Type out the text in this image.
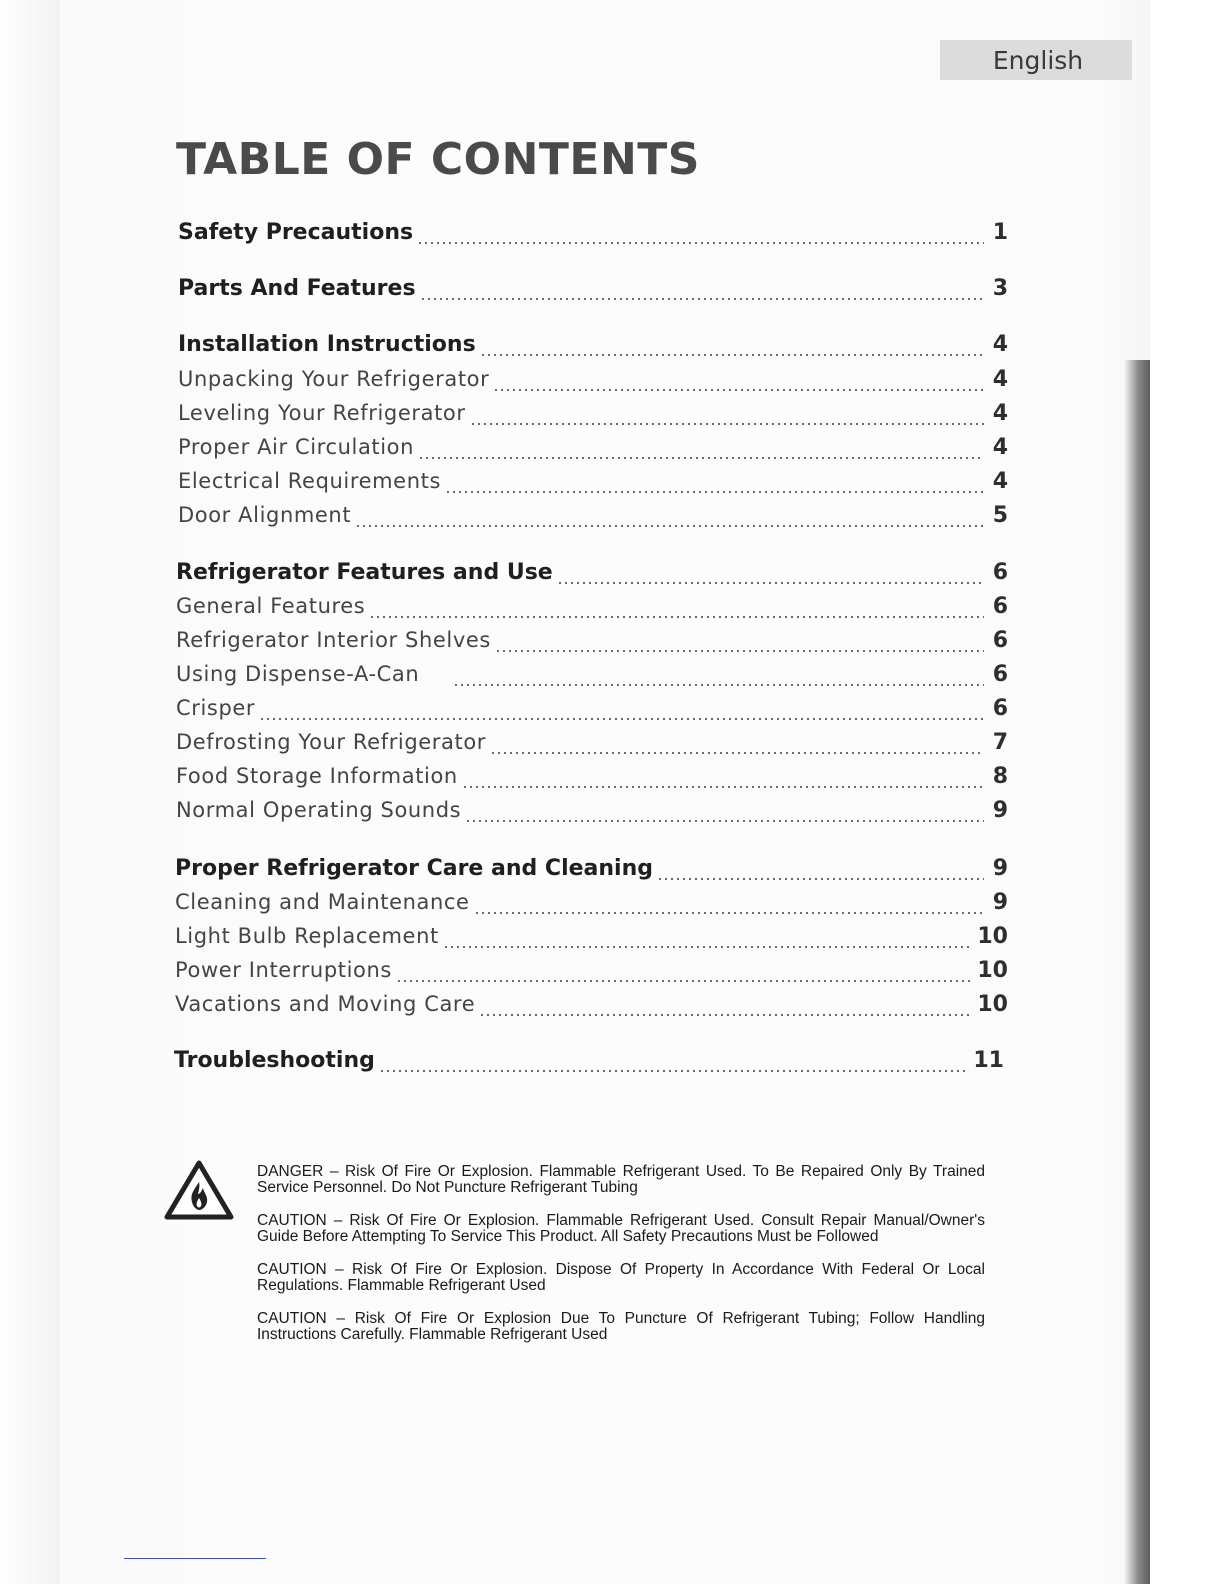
English
TABLE OF CONTENTS
Safety Precautions	1
Parts And Features	3
Installation Instructions	4
Unpacking Your Refrigerator	4
Leveling Your Refrigerator	4
Proper Air Circulation	4
Electrical Requirements	4
Door Alignment	5
Refrigerator Features and Use	6
General Features	6
Refrigerator Interior Shelves	6
Using Dispense-A-Can	6
Crisper	6
Defrosting Your Refrigerator	7
Food Storage Information	8
Normal Operating Sounds	9
Proper Refrigerator Care and Cleaning	9
Cleaning and Maintenance	9
Light Bulb Replacement	10
Power Interruptions	10
Vacations and Moving Care	10
Troubleshooting	11

DANGER – Risk Of Fire Or Explosion. Flammable Refrigerant Used. To Be Repaired Only By Trained Service Personnel. Do Not Puncture Refrigerant Tubing

CAUTION – Risk Of Fire Or Explosion. Flammable Refrigerant Used. Consult Repair Manual/Owner's Guide Before Attempting To Service This Product. All Safety Precautions Must be Followed

CAUTION – Risk Of Fire Or Explosion. Dispose Of Property In Accordance With Federal Or Local Regulations. Flammable Refrigerant Used

CAUTION – Risk Of Fire Or Explosion Due To Puncture Of Refrigerant Tubing; Follow Handling Instructions Carefully. Flammable Refrigerant Used
